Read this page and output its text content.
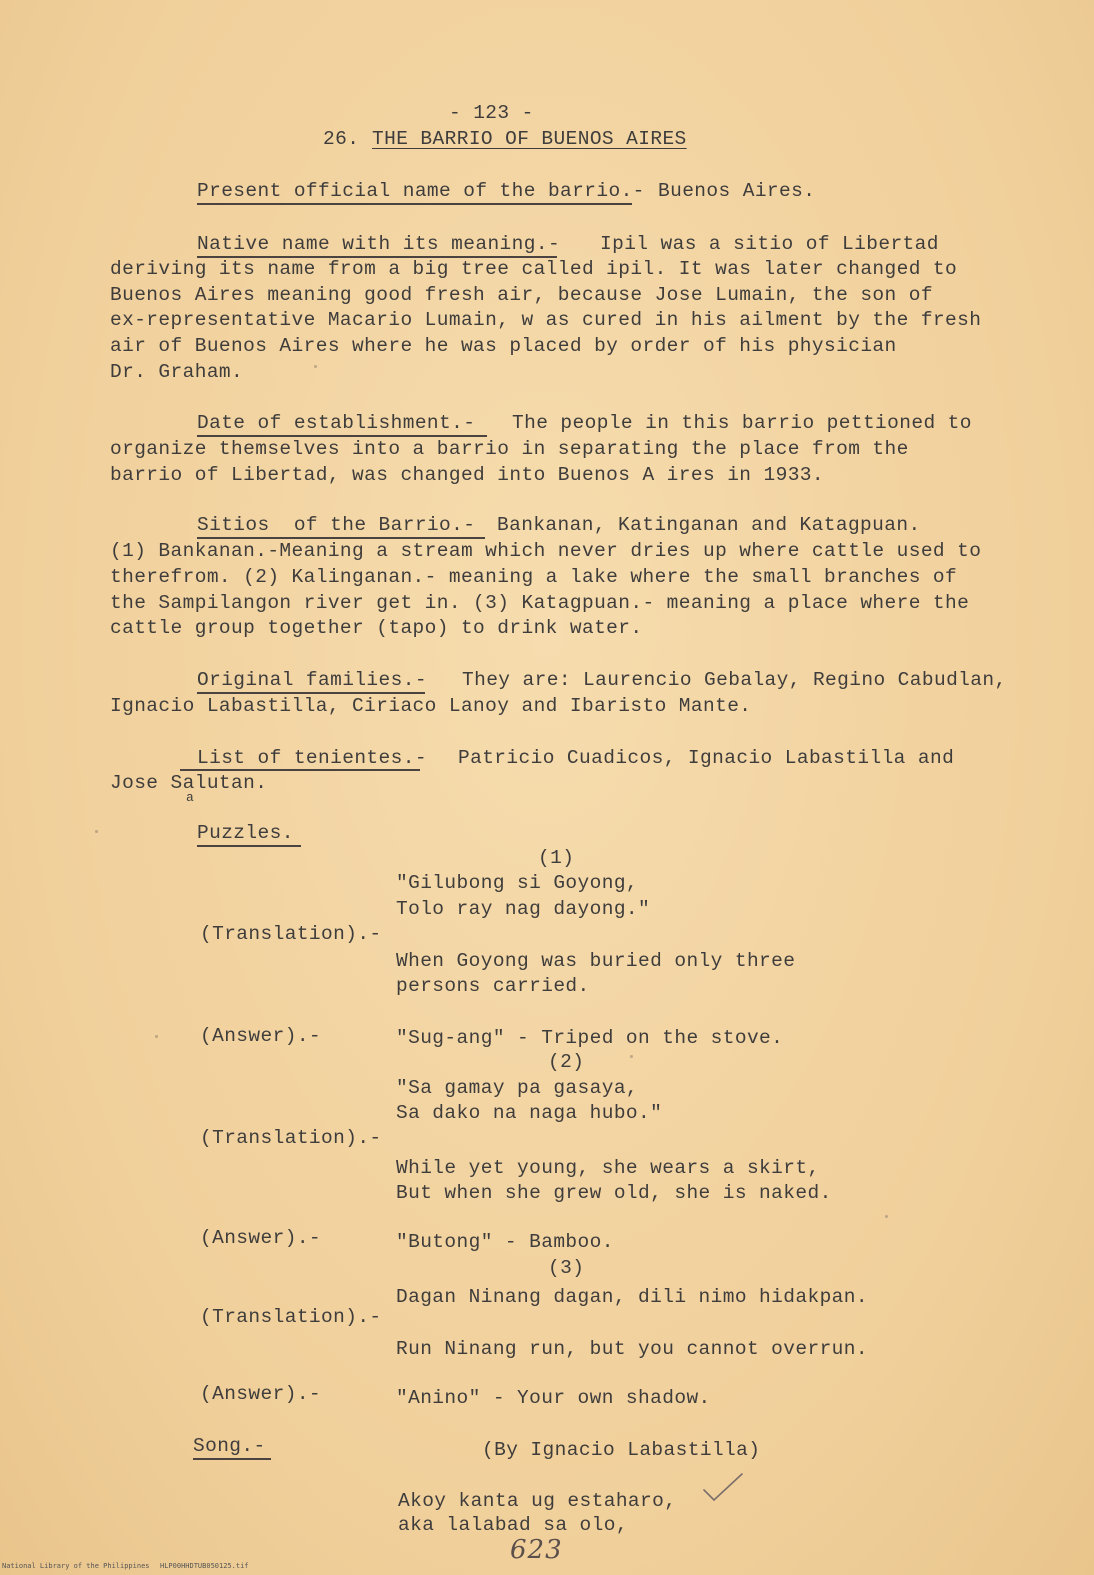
- 123 -
26. THE BARRIO OF BUENOS AIRES
Present official name of the barrio.- Buenos Aires.
Native name with its meaning.- Ipil was a sitio of Libertad
deriving its name from a big tree called ipil. It was later changed to
Buenos Aires meaning good fresh air, because Jose Lumain, the son of
ex-representative Macario Lumain, w as cured in his ailment by the fresh
air of Buenos Aires where he was placed by order of his physician
Dr. Graham.
Date of establishment.- The people in this barrio pettioned to
organize themselves into a barrio in separating the place from the
barrio of Libertad, was changed into Buenos A ires in 1933.
Sitios  of the Barrio.- Bankanan, Katinganan and Katagpuan.
(1) Bankanan.-Meaning a stream which never dries up where cattle used to
therefrom. (2) Kalinganan.- meaning a lake where the small branches of
the Sampilangon river get in. (3) Katagpuan.- meaning a place where the
cattle group together (tapo) to drink water.
Original families.- They are: Laurencio Gebalay, Regino Cabudlan,
Ignacio Labastilla, Ciriaco Lanoy and Ibaristo Mante.
List of tenientes.- Patricio Cuadicos, Ignacio Labastilla and
Jose Salutan.
a
Puzzles.
(1)
"Gilubong si Goyong,
Tolo ray nag dayong."
(Translation).-
When Goyong was buried only three
persons carried.
(Answer).-	"Sug-ang" - Triped on the stove.
(2)
"Sa gamay pa gasaya,
Sa dako na naga hubo."
(Translation).-
While yet young, she wears a skirt,
But when she grew old, she is naked.
(Answer).-	"Butong" - Bamboo.
(3)
Dagan Ninang dagan, dili nimo hidakpan.
(Translation).-
Run Ninang run, but you cannot overrun.
(Answer).-	"Anino" - Your own shadow.
Song.-	(By Ignacio Labastilla)
Akoy kanta ug estaharo,
aka lalabad sa olo,
623
National Library of the Philippines HLP00HHDTUB050125.tif
